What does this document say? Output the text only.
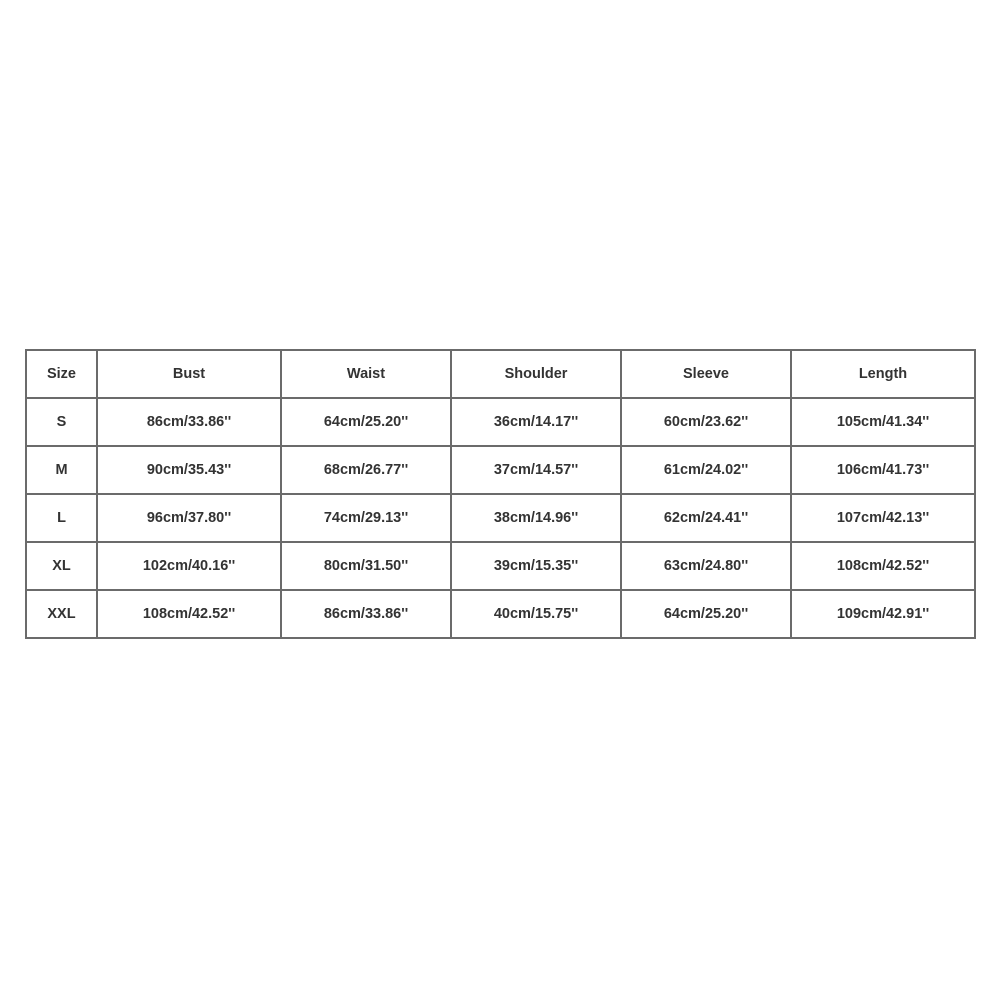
Size	Bust	Waist	Shoulder	Sleeve	Length
S	86cm/33.86''	64cm/25.20''	36cm/14.17''	60cm/23.62''	105cm/41.34''
M	90cm/35.43''	68cm/26.77''	37cm/14.57''	61cm/24.02''	106cm/41.73''
L	96cm/37.80''	74cm/29.13''	38cm/14.96''	62cm/24.41''	107cm/42.13''
XL	102cm/40.16''	80cm/31.50''	39cm/15.35''	63cm/24.80''	108cm/42.52''
XXL	108cm/42.52''	86cm/33.86''	40cm/15.75''	64cm/25.20''	109cm/42.91''
